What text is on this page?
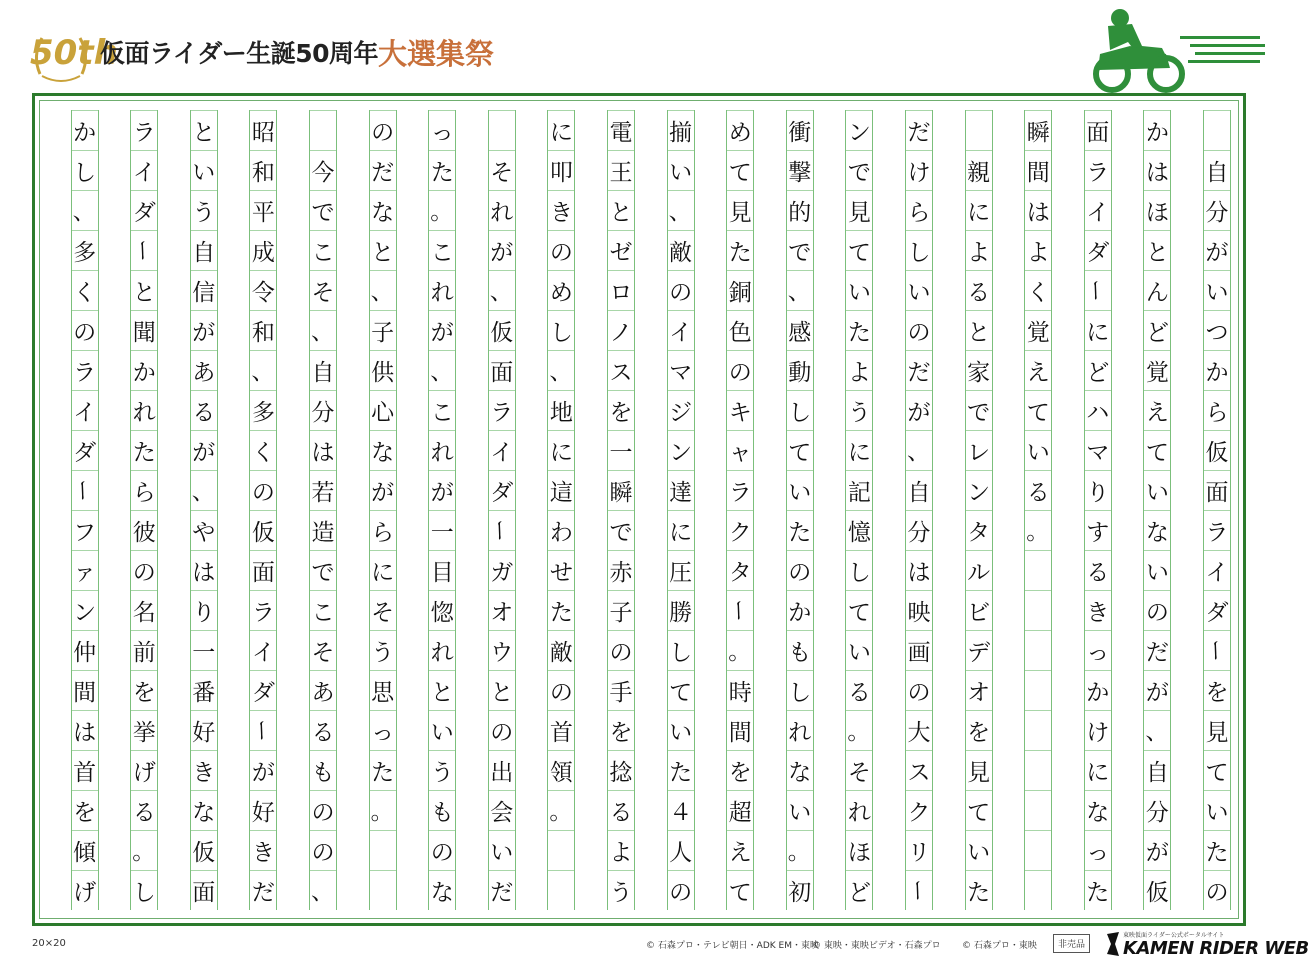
50th
仮面ライダー生誕50周年 大選集祭
自
分
が
い
つ
か
ら
仮
面
ラ
イ
ダ
ー
を
見
て
い
た
の
か
は
ほ
と
ん
ど
覚
え
て
い
な
い
の
だ
が
、
自
分
が
仮
面
ラ
イ
ダ
ー
に
ど
ハ
マ
り
す
る
き
っ
か
け
に
な
っ
た
瞬
間
は
よ
く
覚
え
て
い
る
。
親
に
よ
る
と
家
で
レ
ン
タ
ル
ビ
デ
オ
を
見
て
い
た
だ
け
ら
し
い
の
だ
が
、
自
分
は
映
画
の
大
ス
ク
リ
ー
ン
で
見
て
い
た
よ
う
に
記
憶
し
て
い
る
。
そ
れ
ほ
ど
衝
撃
的
で
、
感
動
し
て
い
た
の
か
も
し
れ
な
い
。
初
め
て
見
た
銅
色
の
キ
ャ
ラ
ク
タ
ー
。
時
間
を
超
え
て
揃
い
、
敵
の
イ
マ
ジ
ン
達
に
圧
勝
し
て
い
た
４
人
の
電
王
と
ゼ
ロ
ノ
ス
を
一
瞬
で
赤
子
の
手
を
捻
る
よ
う
に
叩
き
の
め
し
、
地
に
這
わ
せ
た
敵
の
首
領
。
そ
れ
が
、
仮
面
ラ
イ
ダ
ー
ガ
オ
ウ
と
の
出
会
い
だ
っ
た
。
こ
れ
が
、
こ
れ
が
一
目
惚
れ
と
い
う
も
の
な
の
だ
な
と
、
子
供
心
な
が
ら
に
そ
う
思
っ
た
。
今
で
こ
そ
、
自
分
は
若
造
で
こ
そ
あ
る
も
の
の
、
昭
和
平
成
令
和
、
多
く
の
仮
面
ラ
イ
ダ
ー
が
好
き
だ
と
い
う
自
信
が
あ
る
が
、
や
は
り
一
番
好
き
な
仮
面
ラ
イ
ダ
ー
と
聞
か
れ
た
ら
彼
の
名
前
を
挙
げ
る
。
し
か
し
、
多
く
の
ラ
イ
ダ
ー
フ
ァ
ン
仲
間
は
首
を
傾
げ
20×20	© 石森プロ・テレビ朝日・ADK EM・東映
© 東映・東映ビデオ・石森プロ © 石森プロ・東映	非売品
東映仮面ライダー公式ポータルサイト
KAMEN RIDER WEB
